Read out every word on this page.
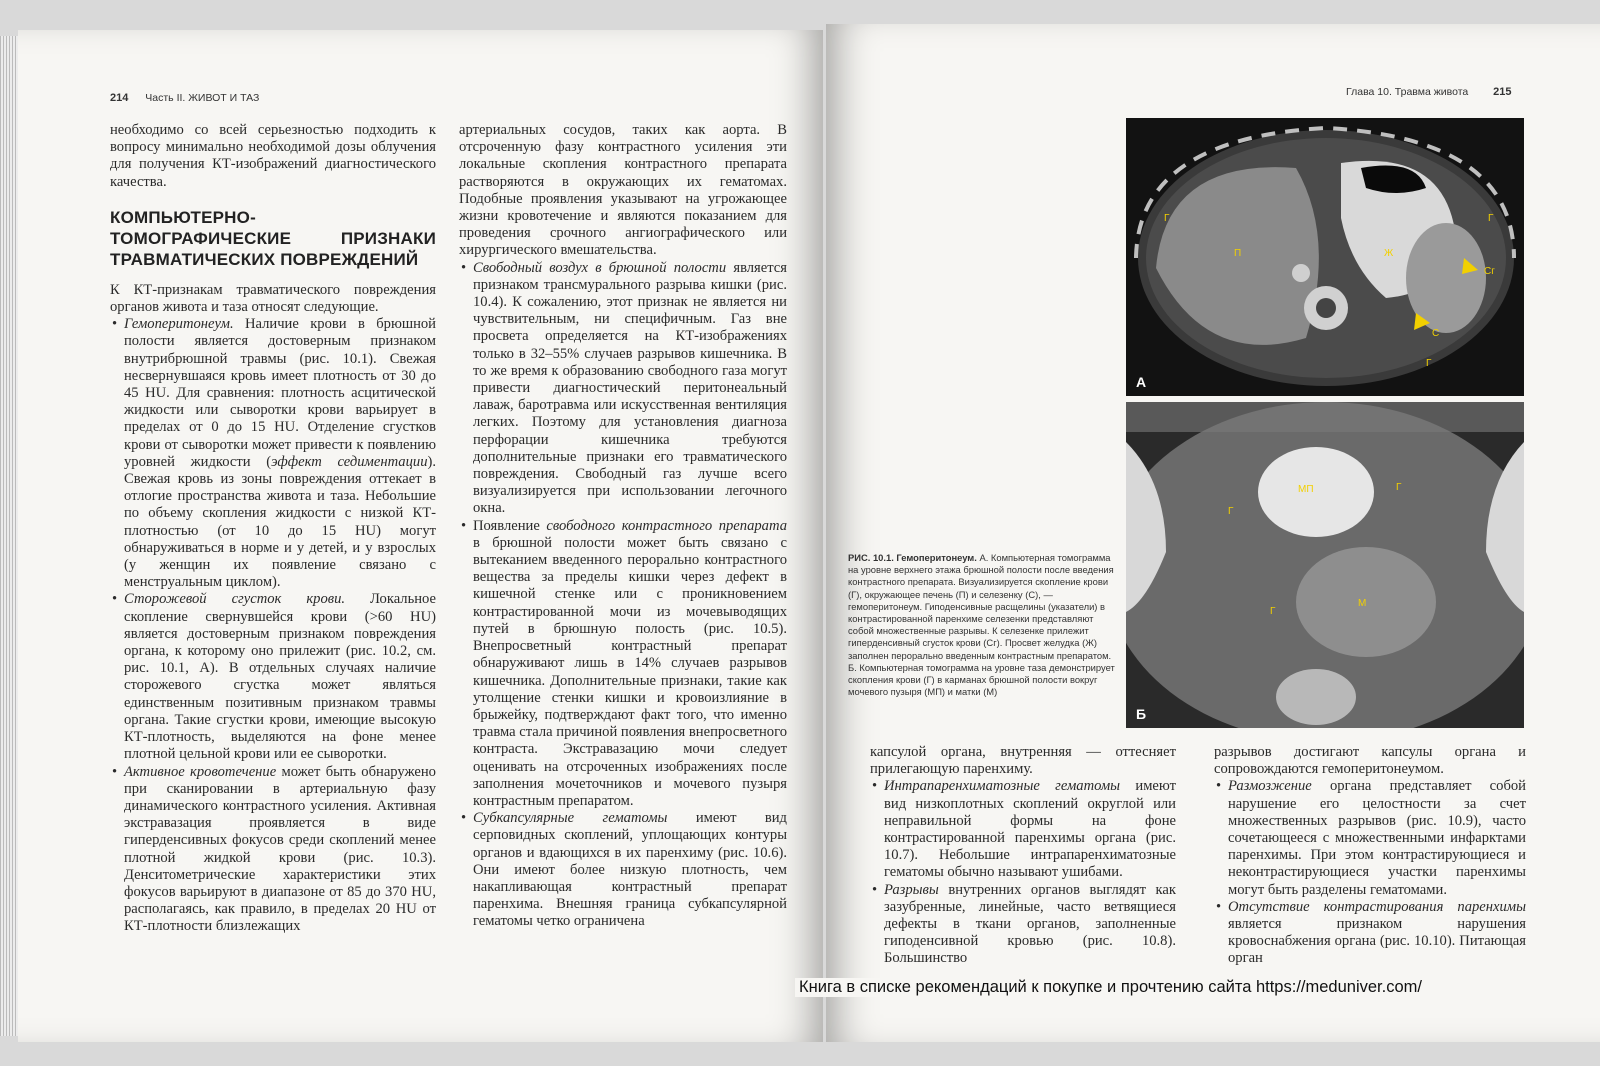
214 Часть II. ЖИВОТ И ТАЗ

необходимо со всей серьезностью подходить к вопросу минимально необходимой дозы облучения для получения КТ-изображений диагностического качества.

КОМПЬЮТЕРНО-ТОМОГРАФИЧЕСКИЕ ПРИЗНАКИ ТРАВМАТИЧЕСКИХ ПОВРЕЖДЕНИЙ

К КТ-признакам травматического повреждения органов живота и таза относят следующие.

• Гемоперитонеум. Наличие крови в брюшной полости является достоверным признаком внутрибрюшной травмы (рис. 10.1). Свежая несвернувшаяся кровь имеет плотность от 30 до 45 HU. Для сравнения: плотность асцитической жидкости или сыворотки крови варьирует в пределах от 0 до 15 HU. Отделение сгустков крови от сыворотки может привести к появлению уровней жидкости (эффект седиментации). Свежая кровь из зоны повреждения оттекает в отлогие пространства живота и таза. Небольшие по объему скопления жидкости с низкой КТ-плотностью (от 10 до 15 HU) могут обнаруживаться в норме и у детей, и у взрослых (у женщин их появление связано с менструальным циклом).
• Сторожевой сгусток крови. Локальное скопление свернувшейся крови (>60 HU) является достоверным признаком повреждения органа, к которому оно прилежит (рис. 10.2, см. рис. 10.1, А). В отдельных случаях наличие сторожевого сгустка может являться единственным позитивным признаком травмы органа. Такие сгустки крови, имеющие высокую КТ-плотность, выделяются на фоне менее плотной цельной крови или ее сыворотки.
• Активное кровотечение может быть обнаружено при сканировании в артериальную фазу динамического контрастного усиления. Активная экстравазация проявляется в виде гиперденсивных фокусов среди скоплений менее плотной жидкой крови (рис. 10.3). Денситометрические характеристики этих фокусов варьируют в диапазоне от 85 до 370 HU, располагаясь, как правило, в пределах 20 HU от КТ-плотности близлежащих

артериальных сосудов, таких как аорта. В отсроченную фазу контрастного усиления эти локальные скопления контрастного препарата растворяются в окружающих их гематомах. Подобные проявления указывают на угрожающее жизни кровотечение и являются показанием для проведения срочного ангиографического или хирургического вмешательства.

• Свободный воздух в брюшной полости является признаком трансмурального разрыва кишки (рис. 10.4). К сожалению, этот признак не является ни чувствительным, ни специфичным. Газ вне просвета определяется на КТ-изображениях только в 32–55% случаев разрывов кишечника. В то же время к образованию свободного газа могут привести диагностический перитонеальный лаваж, баротравма или искусственная вентиляция легких. Поэтому для установления диагноза перфорации кишечника требуются дополнительные признаки его травматического повреждения. Свободный газ лучше всего визуализируется при использовании легочного окна.
• Появление свободного контрастного препарата в брюшной полости может быть связано с вытеканием введенного перорально контрастного вещества за пределы кишки через дефект в кишечной стенке или с проникновением контрастированной мочи из мочевыводящих путей в брюшную полость (рис. 10.5). Внепросветный контрастный препарат обнаруживают лишь в 14% случаев разрывов кишечника. Дополнительные признаки, такие как утолщение стенки кишки и кровоизлияние в брыжейку, подтверждают факт того, что именно травма стала причиной появления внепросветного контраста. Экстравазацию мочи следует оценивать на отсроченных изображениях после заполнения мочеточников и мочевого пузыря контрастным препаратом.
• Субкапсулярные гематомы имеют вид серповидных скоплений, уплощающих контуры органов и вдающихся в их паренхиму (рис. 10.6). Они имеют более низкую плотность, чем накапливающая контрастный препарат паренхима. Внешняя граница субкапсулярной гематомы четко ограничена
Глава 10. Травма живота 215
А
Г
П	Ж
Сг
С
Г
Г
Б
МП	Г
Г
Г
М
РИС. 10.1. Гемоперитонеум. А. Компьютерная томограмма на уровне верхнего этажа брюшной полости после введения контрастного препарата. Визуализируется скопление крови (Г), окружающее печень (П) и селезенку (С), — гемоперитонеум. Гиподенсивные расщелины (указатели) в контрастированной паренхиме селезенки представляют собой множественные разрывы. К селезенке прилежит гиперденсивный сгусток крови (Сг). Просвет желудка (Ж) заполнен перорально введенным контрастным препаратом. Б. Компьютерная томограмма на уровне таза демонстрирует скопления крови (Г) в карманах брюшной полости вокруг мочевого пузыря (МП) и матки (М)

капсулой органа, внутренняя — оттесняет прилегающую паренхиму.

• Интрапаренхиматозные гематомы имеют вид низкоплотных скоплений округлой или неправильной формы на фоне контрастированной паренхимы органа (рис. 10.7). Небольшие интрапаренхиматозные гематомы обычно называют ушибами.
• Разрывы внутренних органов выглядят как зазубренные, линейные, часто ветвящиеся дефекты в ткани органов, заполненные гиподенсивной кровью (рис. 10.8). Большинство

разрывов достигают капсулы органа и сопровождаются гемоперитонеумом.

• Размозжение органа представляет собой нарушение его целостности за счет множественных разрывов (рис. 10.9), часто сочетающееся с множественными инфарктами паренхимы. При этом контрастирующиеся и неконтрастирующиеся участки паренхимы могут быть разделены гематомами.
• Отсутствие контрастирования паренхимы является признаком нарушения кровоснабжения органа (рис. 10.10). Питающая орган
Книга в списке рекомендаций к покупке и прочтению сайта https://meduniver.com/
